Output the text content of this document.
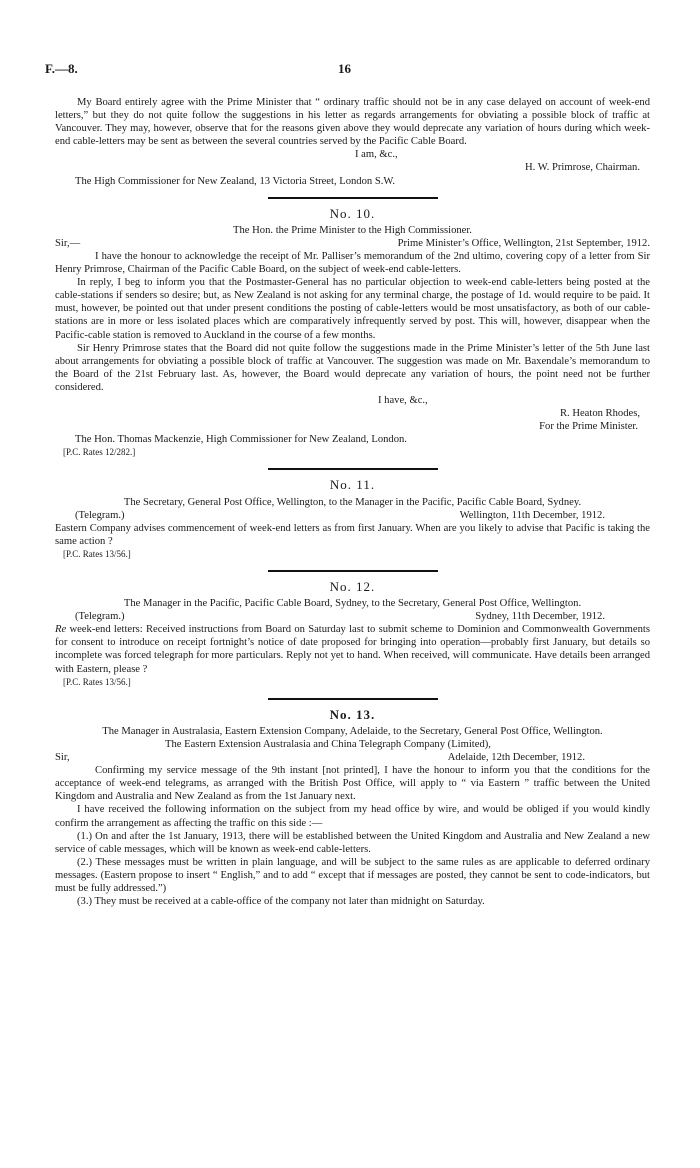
F.—8.	16

My Board entirely agree with the Prime Minister that “ ordinary traffic should not be in any case delayed on account of week-end letters,” but they do not quite follow the suggestions in his letter as regards arrangements for obviating a possible block of traffic at Vancouver. They may, however, observe that for the reasons given above they would deprecate any variation of hours during which week-end cable-letters may be sent as between the several countries served by the Pacific Cable Board.

I am, &c.,

H. W. Primrose, Chairman.

The High Commissioner for New Zealand, 13 Victoria Street, London S.W.

No. 10.

The Hon. the Prime Minister to the High Commissioner.

Sir,—	Prime Minister’s Office, Wellington, 21st September, 1912.

I have the honour to acknowledge the receipt of Mr. Palliser’s memorandum of the 2nd ultimo, covering copy of a letter from Sir Henry Primrose, Chairman of the Pacific Cable Board, on the subject of week-end cable-letters.

In reply, I beg to inform you that the Postmaster-General has no particular objection to week-end cable-letters being posted at the cable-stations if senders so desire; but, as New Zealand is not asking for any terminal charge, the postage of 1d. would require to be paid. It must, however, be pointed out that under present conditions the posting of cable-letters would be most unsatisfactory, as both of our cable-stations are in more or less isolated places which are comparatively infrequently served by post. This will, however, disappear when the Pacific-cable station is removed to Auckland in the course of a few months.

Sir Henry Primrose states that the Board did not quite follow the suggestions made in the Prime Minister’s letter of the 5th June last about arrangements for obviating a possible block of traffic at Vancouver. The suggestion was made on Mr. Baxendale’s memorandum to the Board of the 21st February last. As, however, the Board would deprecate any variation of hours, the point need not be further considered.

I have, &c.,

R. Heaton Rhodes,

For the Prime Minister.

The Hon. Thomas Mackenzie, High Commissioner for New Zealand, London.

[P.C. Rates 12/282.]

No. 11.

The Secretary, General Post Office, Wellington, to the Manager in the Pacific, Pacific Cable Board, Sydney.

(Telegram.)	Wellington, 11th December, 1912.

Eastern Company advises commencement of week-end letters as from first January. When are you likely to advise that Pacific is taking the same action ?

[P.C. Rates 13/56.]

No. 12.

The Manager in the Pacific, Pacific Cable Board, Sydney, to the Secretary, General Post Office, Wellington.

(Telegram.)	Sydney, 11th December, 1912.

Re week-end letters: Received instructions from Board on Saturday last to submit scheme to Dominion and Commonwealth Governments for consent to introduce on receipt fortnight’s notice of date proposed for bringing into operation—probably first January, but details so incomplete was forced telegraph for more particulars. Reply not yet to hand. When received, will communicate. Have details been arranged with Eastern, please ?

[P.C. Rates 13/56.]

No. 13.

The Manager in Australasia, Eastern Extension Company, Adelaide, to the Secretary, General Post Office, Wellington.

The Eastern Extension Australasia and China Telegraph Company (Limited),

Sir,	Adelaide, 12th December, 1912.

Confirming my service message of the 9th instant [not printed], I have the honour to inform you that the conditions for the acceptance of week-end telegrams, as arranged with the British Post Office, will apply to “ via Eastern ” traffic between the United Kingdom and Australia and New Zealand as from the 1st January next.

I have received the following information on the subject from my head office by wire, and would be obliged if you would kindly confirm the arrangement as affecting the traffic on this side :—

(1.) On and after the 1st January, 1913, there will be established between the United Kingdom and Australia and New Zealand a new service of cable messages, which will be known as week-end cable-letters.

(2.) These messages must be written in plain language, and will be subject to the same rules as are applicable to deferred ordinary messages. (Eastern propose to insert “ English,” and to add “ except that if messages are posted, they cannot be sent to code-indicators, but must be fully addressed.”)

(3.) They must be received at a cable-office of the company not later than midnight on Saturday.
